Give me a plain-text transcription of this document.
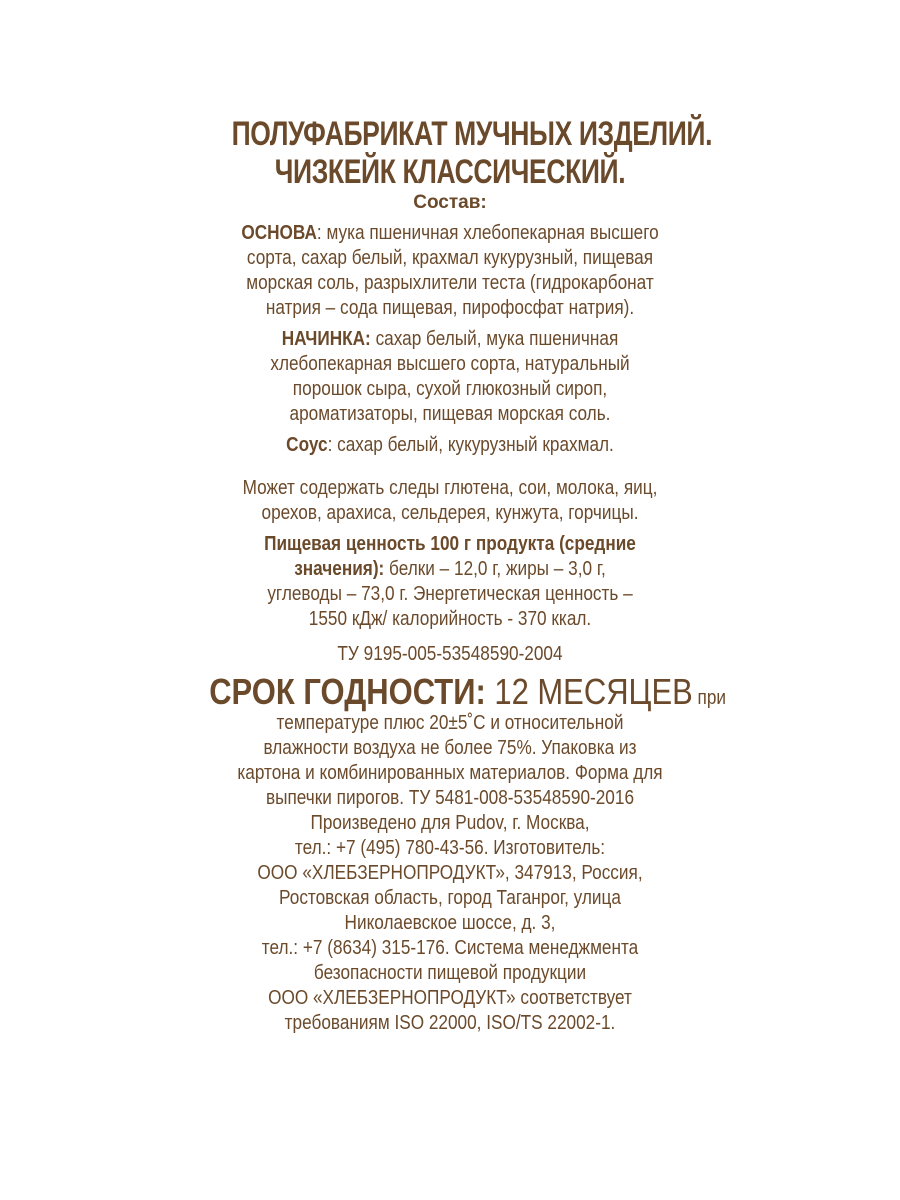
ПОЛУФАБРИКАТ МУЧНЫХ ИЗДЕЛИЙ.
ЧИЗКЕЙК КЛАССИЧЕСКИЙ.
Состав:
ОСНОВА: мука пшеничная хлебопекарная высшего
сорта, сахар белый, крахмал кукурузный, пищевая
морская соль, разрыхлители теста (гидрокарбонат
натрия – сода пищевая, пирофосфат натрия).
НАЧИНКА: сахар белый, мука пшеничная
хлебопекарная высшего сорта, натуральный
порошок сыра, сухой глюкозный сироп,
ароматизаторы, пищевая морская соль.
Соус: сахар белый, кукурузный крахмал.
Может содержать следы глютена, сои, молока, яиц,
орехов, арахиса, сельдерея, кунжута, горчицы.
Пищевая ценность 100 г продукта (средние
значения): белки – 12,0 г, жиры – 3,0 г,
углеводы – 73,0 г. Энергетическая ценность –
1550 кДж/ калорийность - 370 ккал.
ТУ 9195-005-53548590-2004
СРОК ГОДНОСТИ: 12 МЕСЯЦЕВ при
температуре плюс 20±5˚С и относительной
влажности воздуха не более 75%. Упаковка из
картона и комбинированных материалов. Форма для
выпечки пирогов. ТУ 5481-008-53548590-2016
Произведено для Pudov, г. Москва,
тел.: +7 (495) 780-43-56. Изготовитель:
ООО «ХЛЕБЗЕРНОПРОДУКТ», 347913, Россия,
Ростовская область, город Таганрог, улица
Николаевское шоссе, д. 3,
тел.: +7 (8634) 315-176. Система менеджмента
безопасности пищевой продукции
ООО «ХЛЕБЗЕРНОПРОДУКТ» соответствует
требованиям ISO 22000, ISO/TS 22002-1.
